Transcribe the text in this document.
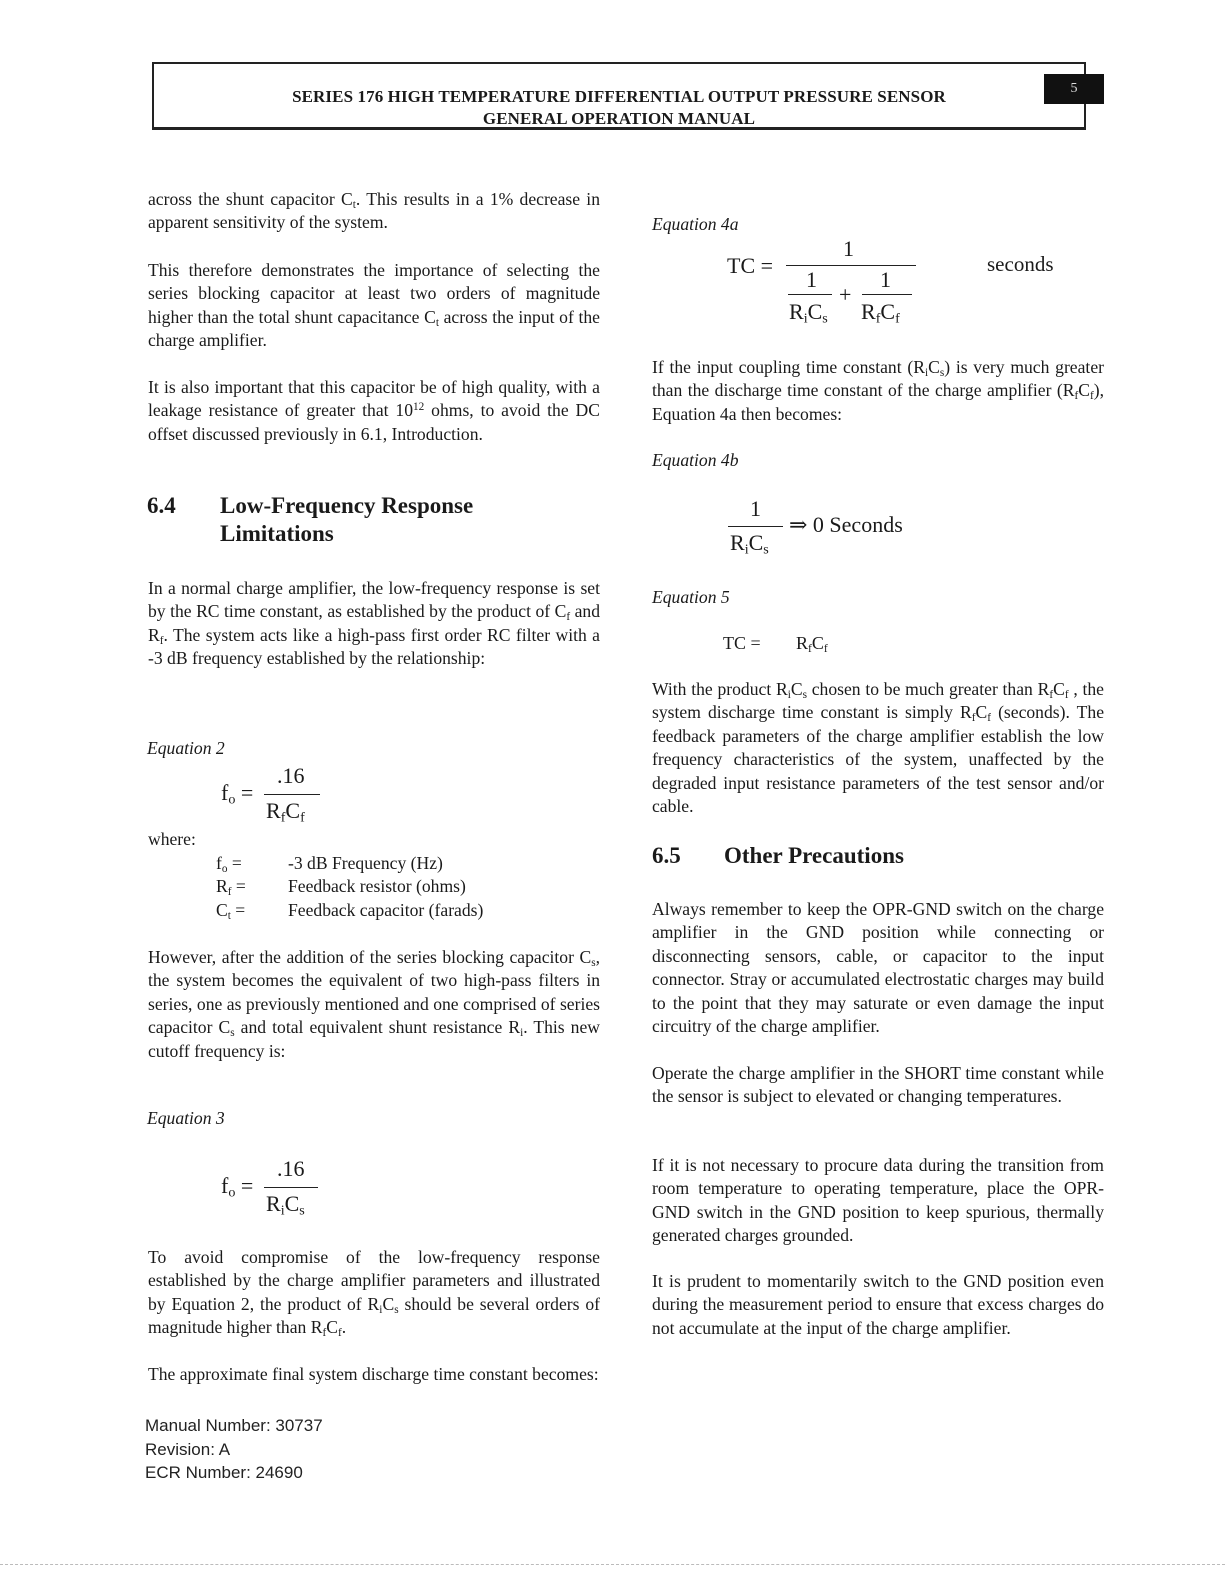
SERIES 176 HIGH TEMPERATURE DIFFERENTIAL OUTPUT PRESSURE SENSOR
GENERAL OPERATION MANUAL
5

across the shunt capacitor $C_t$. This results in a 1% decrease in apparent sensitivity of the system.

This therefore demonstrates the importance of selecting the series blocking capacitor at least two orders of magnitude higher than the total shunt capacitance $C_t$ across the input of the charge amplifier.

It is also important that this capacitor be of high quality, with a leakage resistance of greater that $10^{12}$ ohms, to avoid the DC offset discussed previously in 6.1, Introduction.

6.4 Low-Frequency Response
Limitations

In a normal charge amplifier, the low-frequency response is set by the RC time constant, as established by the product of $C_f$ and $R_f$. The system acts like a high-pass first order RC filter with a -3 dB frequency established by the relationship:

Equation 2
$f_o$ =
.16
$R_fC_f$
where:
$f_o$ =	-3 dB Frequency (Hz)
$R_f$ = Feedback resistor (ohms)
$C_t$ = Feedback capacitor (farads)

However, after the addition of the series blocking capacitor $C_s$, the system becomes the equivalent of two high-pass filters in series, one as previously mentioned and one comprised of series capacitor $C_s$ and total equivalent shunt resistance $R_i$. This new cutoff frequency is:

Equation 3
$f_o$ =
.16
$R_iC_s$

To avoid compromise of the low-frequency response established by the charge amplifier parameters and illustrated by Equation 2, the product of $R_iC_s$ should be several orders of magnitude higher than $R_fC_f$.

The approximate final system discharge time constant becomes:

Equation 4a
TC =
1
1	1
+
$R_iC_s$ $R_fC_f$
seconds

If the input coupling time constant $(R_iC_s)$ is very much greater than the discharge time constant of the charge amplifier $(R_fC_f)$, Equation 4a then becomes:

Equation 4b
1
$R_iC_s$
⇒ 0 Seconds
Equation 5
TC = $R_fC_f$

With the product $R_iC_s$ chosen to be much greater than $R_fC_f$ , the system discharge time constant is simply $R_fC_f$ (seconds). The feedback parameters of the charge amplifier establish the low frequency characteristics of the system, unaffected by the degraded input resistance parameters of the test sensor and/or cable.

6.5 Other Precautions

Always remember to keep the OPR-GND switch on the charge amplifier in the GND position while connecting or disconnecting sensors, cable, or capacitor to the input connector. Stray or accumulated electrostatic charges may build to the point that they may saturate or even damage the input circuitry of the charge amplifier.

Operate the charge amplifier in the SHORT time constant while the sensor is subject to elevated or changing temperatures.

If it is not necessary to procure data during the transition from room temperature to operating temperature, place the OPR-GND switch in the GND position to keep spurious, thermally generated charges grounded.

It is prudent to momentarily switch to the GND position even during the measurement period to ensure that excess charges do not accumulate at the input of the charge amplifier.

Manual Number: 30737
Revision: A
ECR Number: 24690
